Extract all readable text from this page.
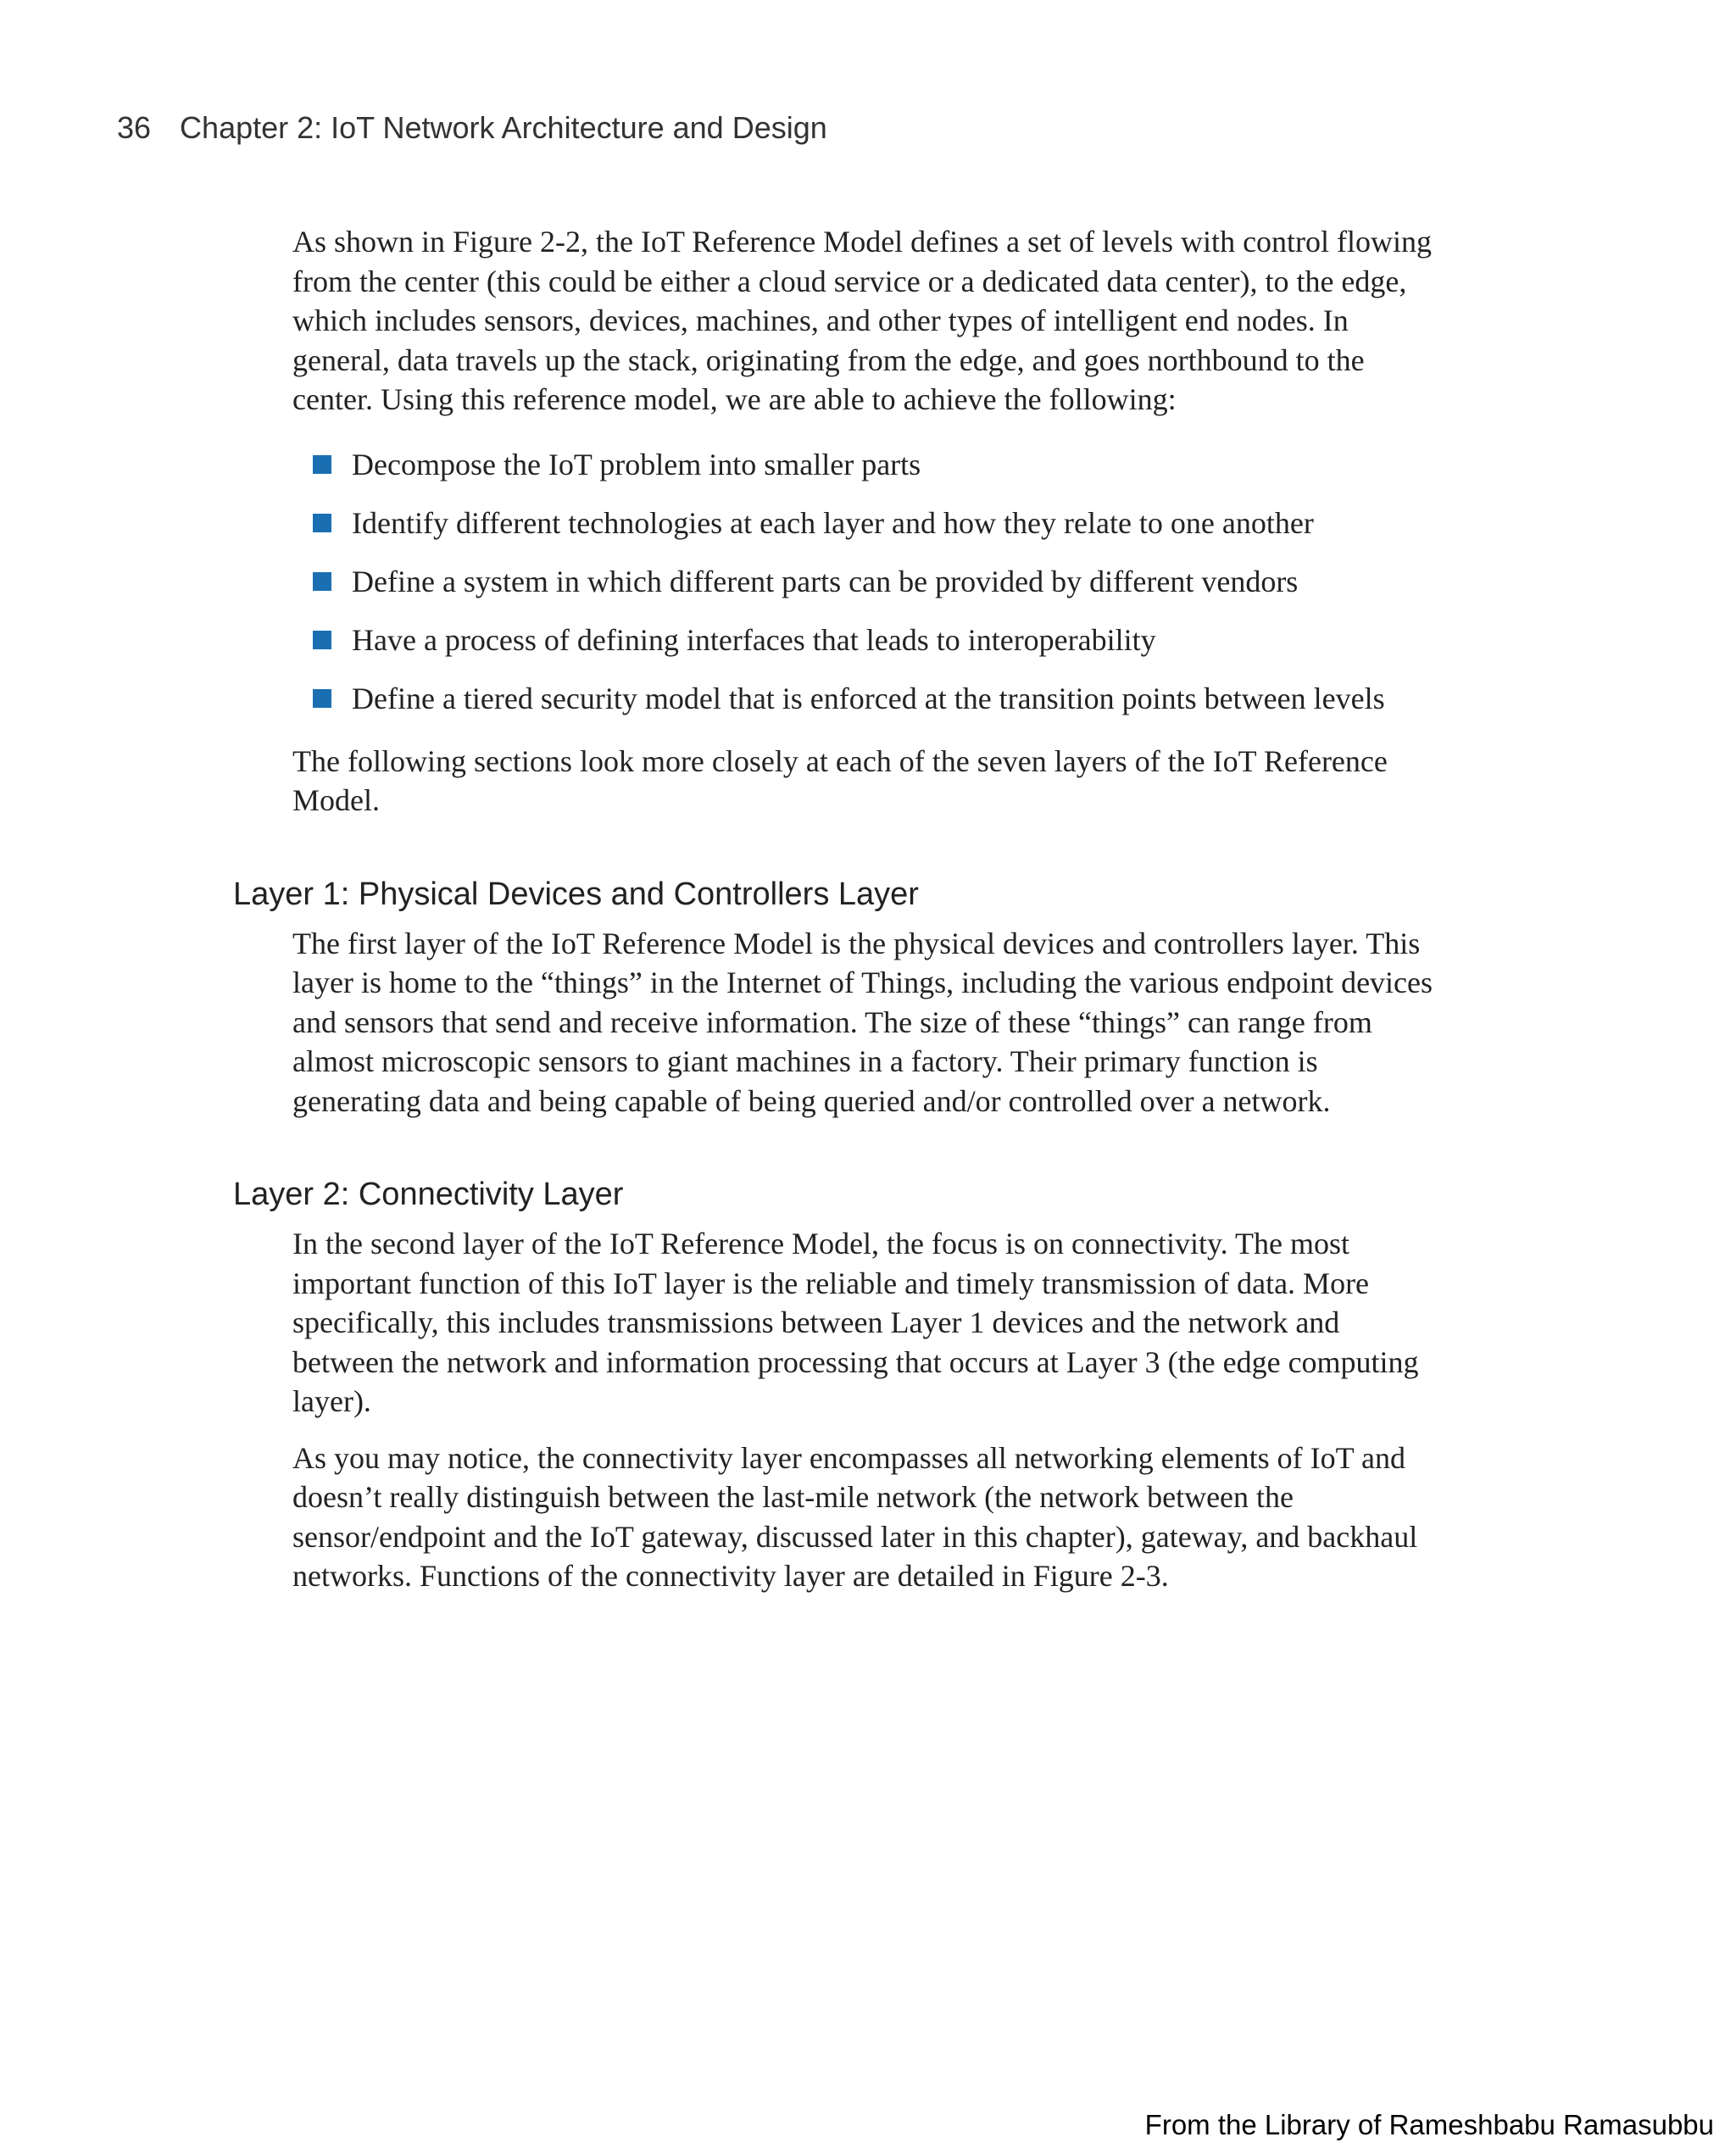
36 Chapter 2: IoT Network Architecture and Design

As shown in Figure 2-2, the IoT Reference Model defines a set of levels with control flowing from the center (this could be either a cloud service or a dedicated data center), to the edge, which includes sensors, devices, machines, and other types of intelligent end nodes. In general, data travels up the stack, originating from the edge, and goes northbound to the center. Using this reference model, we are able to achieve the following:

Decompose the IoT problem into smaller parts
Identify different technologies at each layer and how they relate to one another
Define a system in which different parts can be provided by different vendors
Have a process of defining interfaces that leads to interoperability
Define a tiered security model that is enforced at the transition points between levels

The following sections look more closely at each of the seven layers of the IoT Reference Model.

Layer 1: Physical Devices and Controllers Layer

The first layer of the IoT Reference Model is the physical devices and controllers layer. This layer is home to the “things” in the Internet of Things, including the various endpoint devices and sensors that send and receive information. The size of these “things” can range from almost microscopic sensors to giant machines in a factory. Their primary function is generating data and being capable of being queried and/or controlled over a network.

Layer 2: Connectivity Layer

In the second layer of the IoT Reference Model, the focus is on connectivity. The most important function of this IoT layer is the reliable and timely transmission of data. More specifically, this includes transmissions between Layer 1 devices and the network and between the network and information processing that occurs at Layer 3 (the edge computing layer).

As you may notice, the connectivity layer encompasses all networking elements of IoT and doesn’t really distinguish between the last-mile network (the network between the sensor/endpoint and the IoT gateway, discussed later in this chapter), gateway, and backhaul networks. Functions of the connectivity layer are detailed in Figure 2-3.

From the Library of Rameshbabu Ramasubbu
